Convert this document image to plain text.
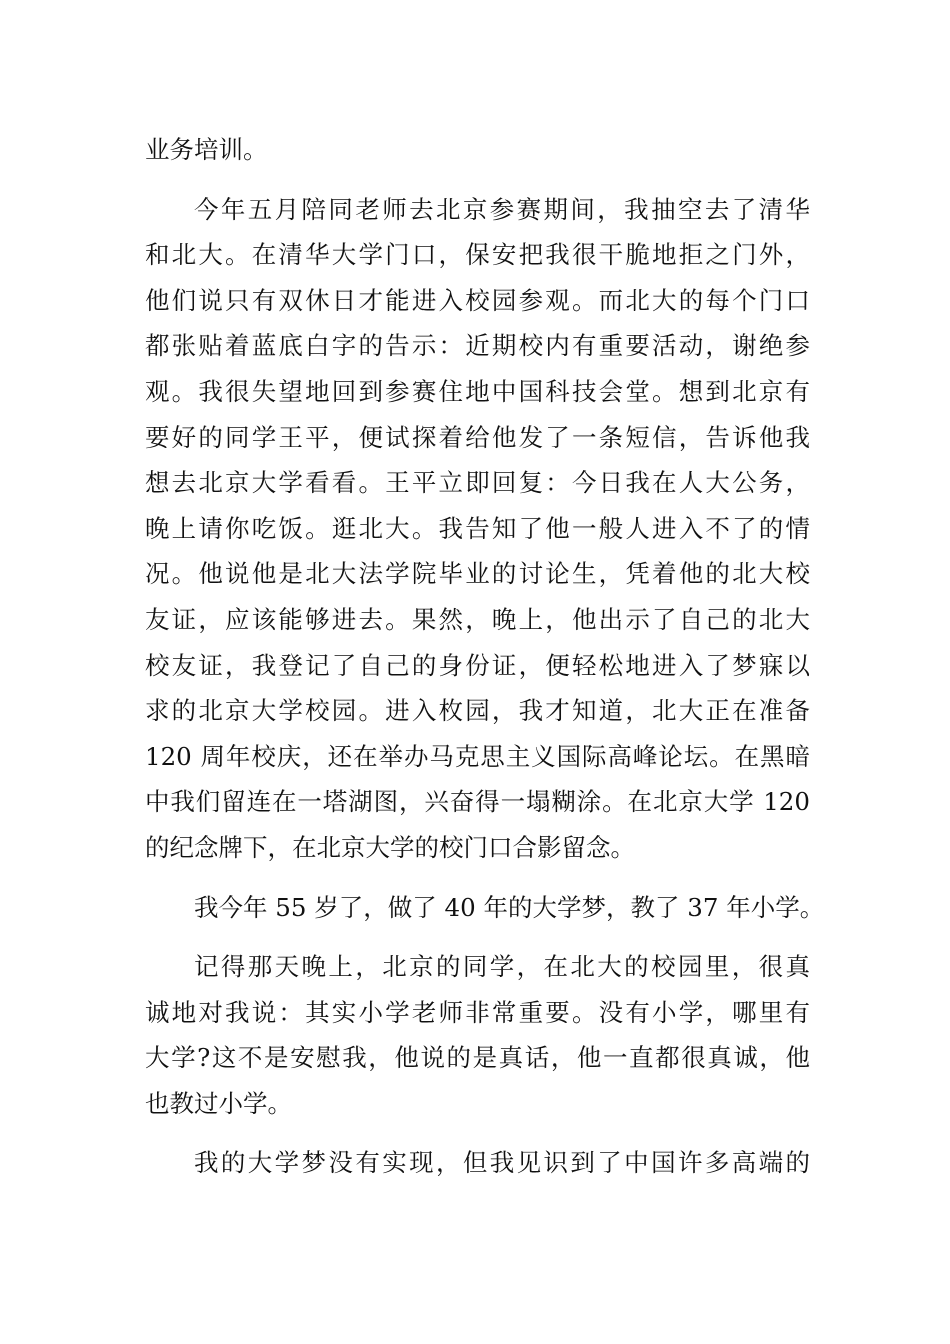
业务培训。
今年五月陪同老师去北京参赛期间，我抽空去了清华
和北大。在清华大学门口，保安把我很干脆地拒之门外，
他们说只有双休日才能进入校园参观。而北大的每个门口
都张贴着蓝底白字的告示：近期校内有重要活动，谢绝参
观。我很失望地回到参赛住地中国科技会堂。想到北京有
要好的同学王平，便试探着给他发了一条短信，告诉他我
想去北京大学看看。王平立即回复：今日我在人大公务，
晚上请你吃饭。逛北大。我告知了他一般人进入不了的情
况。他说他是北大法学院毕业的讨论生，凭着他的北大校
友证，应该能够进去。果然，晚上，他出示了自己的北大
校友证，我登记了自己的身份证，便轻松地进入了梦寐以
求的北京大学校园。进入枚园，我才知道，北大正在准备
120 周年校庆，还在举办马克思主义国际高峰论坛。在黑暗
中我们留连在一塔湖图，兴奋得一塌糊涂。在北京大学 120
的纪念牌下，在北京大学的校门口合影留念。
我今年 55 岁了，做了 40 年的大学梦，教了 37 年小学。
记得那天晚上，北京的同学，在北大的校园里，很真
诚地对我说：其实小学老师非常重要。没有小学，哪里有
大学?这不是安慰我，他说的是真话，他一直都很真诚，他
也教过小学。
我的大学梦没有实现，但我见识到了中国许多高端的
